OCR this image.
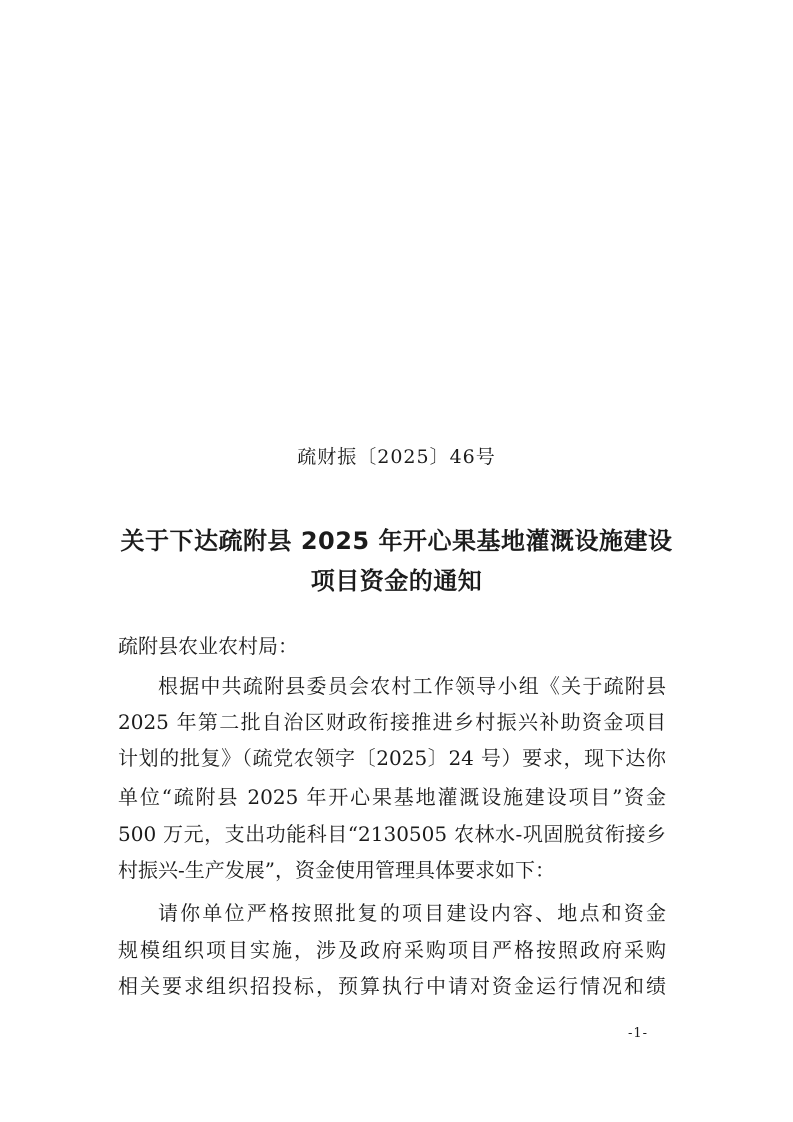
疏财振〔2025〕46号
关于下达疏附县 2025 年开心果基地灌溉设施建设
项目资金的通知
疏附县农业农村局：
根据中共疏附县委员会农村工作领导小组《关于疏附县
2025 年第二批自治区财政衔接推进乡村振兴补助资金项目
计划的批复》（疏党农领字〔2025〕24 号）要求，现下达你
单位“疏附县 2025 年开心果基地灌溉设施建设项目”资金
500 万元，支出功能科目“2130505 农林水-巩固脱贫衔接乡
村振兴-生产发展”，资金使用管理具体要求如下：
请你单位严格按照批复的项目建设内容、地点和资金
规模组织项目实施，涉及政府采购项目严格按照政府采购
相关要求组织招投标，预算执行中请对资金运行情况和绩
-1-
